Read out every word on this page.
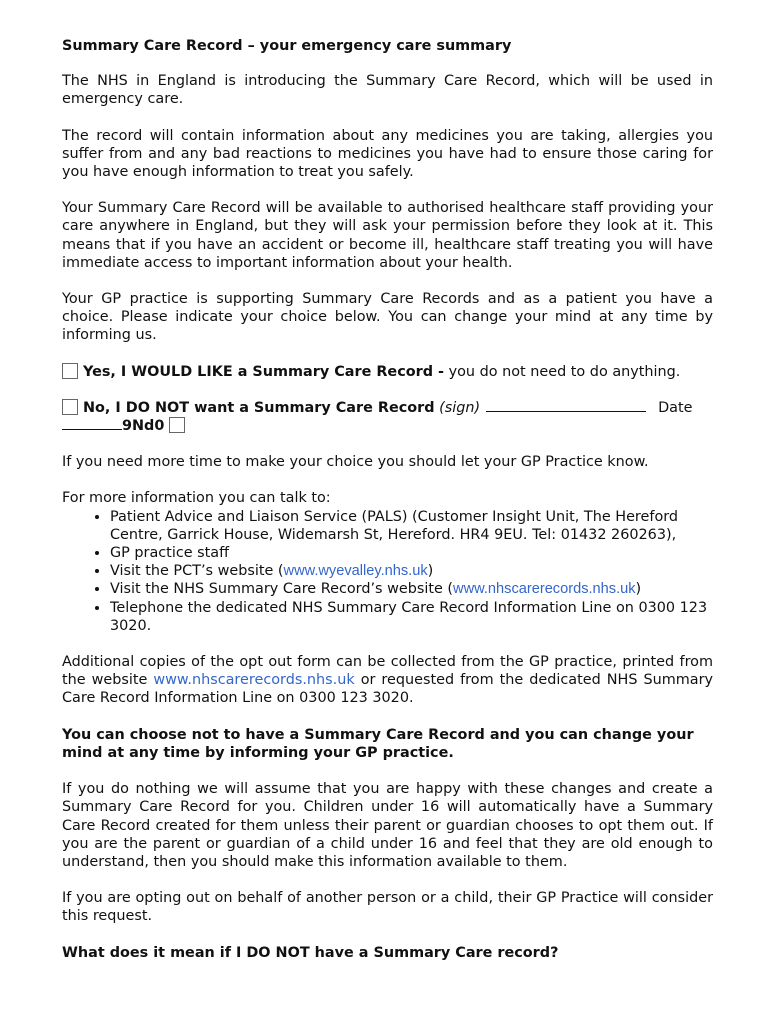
Summary Care Record – your emergency care summary

The NHS in England is introducing the Summary Care Record, which will be used in emergency care.

The record will contain information about any medicines you are taking, allergies you suffer from and any bad reactions to medicines you have had to ensure those caring for you have enough information to treat you safely.

Your Summary Care Record will be available to authorised healthcare staff providing your care anywhere in England, but they will ask your permission before they look at it. This means that if you have an accident or become ill, healthcare staff treating you will have immediate access to important information about your health.

Your GP practice is supporting Summary Care Records and as a patient you have a choice. Please indicate your choice below. You can change your mind at any time by informing us.

Yes, I WOULD LIKE a Summary Care Record - you do not need to do anything.

No, I DO NOT want a Summary Care Record (sign)	Date
9Nd0

If you need more time to make your choice you should let your GP Practice know.

For more information you can talk to:

• Patient Advice and Liaison Service (PALS) (Customer Insight Unit, The Hereford Centre, Garrick House, Widemarsh St, Hereford. HR4 9EU. Tel: 01432 260263),
• GP practice staff
• Visit the PCT’s website (www.wyevalley.nhs.uk)
• Visit the NHS Summary Care Record’s website (www.nhscarerecords.nhs.uk)
• Telephone the dedicated NHS Summary Care Record Information Line on 0300 123 3020.

Additional copies of the opt out form can be collected from the GP practice, printed from the website www.nhscarerecords.nhs.uk or requested from the dedicated NHS Summary Care Record Information Line on 0300 123 3020.

You can choose not to have a Summary Care Record and you can change your mind at any time by informing your GP practice.

If you do nothing we will assume that you are happy with these changes and create a Summary Care Record for you. Children under 16 will automatically have a Summary Care Record created for them unless their parent or guardian chooses to opt them out. If you are the parent or guardian of a child under 16 and feel that they are old enough to understand, then you should make this information available to them.

If you are opting out on behalf of another person or a child, their GP Practice will consider this request.

What does it mean if I DO NOT have a Summary Care record?
